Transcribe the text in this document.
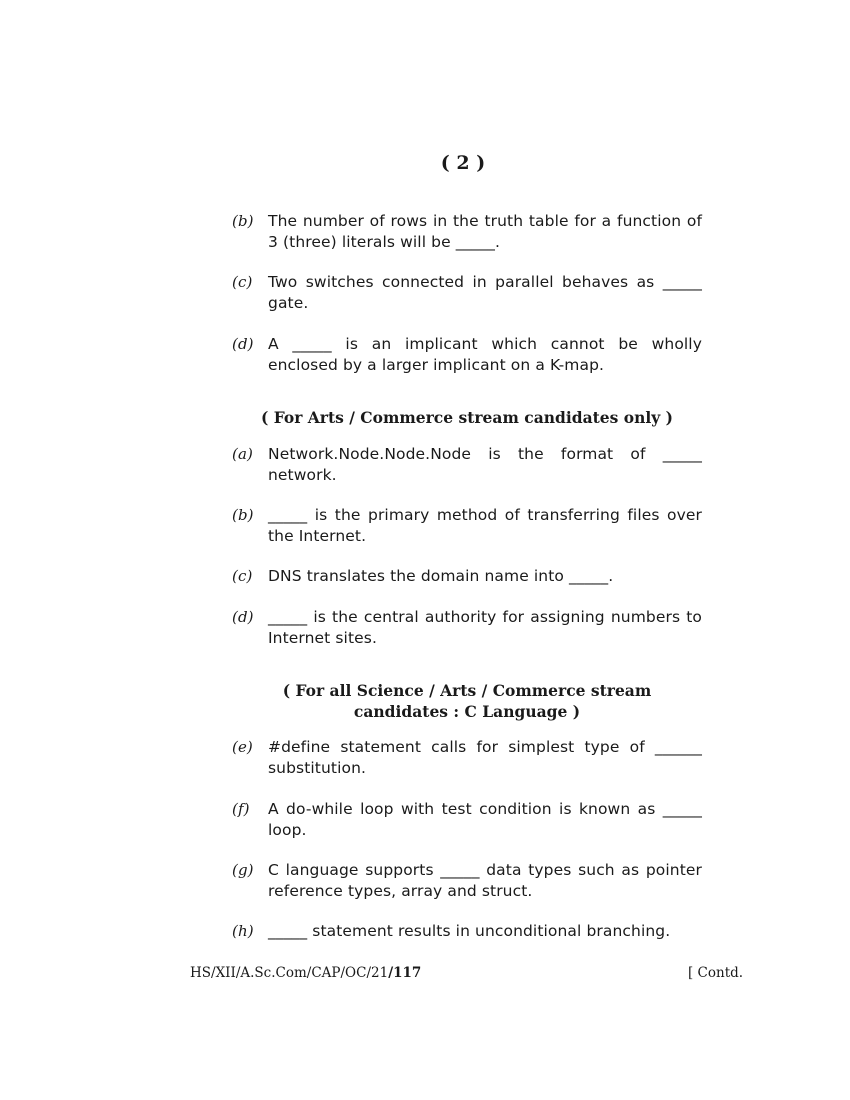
( 2 )
(b) The number of rows in the truth table for a function of 3 (three) literals will be _____.
(c) Two switches connected in parallel behaves as _____ gate.
(d) A _____ is an implicant which cannot be wholly enclosed by a larger implicant on a K-map.
( For Arts / Commerce stream candidates only )
(a) Network.Node.Node.Node is the format of _____ network.
(b) _____ is the primary method of transferring files over the Internet.
(c) DNS translates the domain name into _____.
(d) _____ is the central authority for assigning numbers to Internet sites.
( For all Science / Arts / Commerce stream
candidates : C Language )
(e) #define statement calls for simplest type of ______ substitution.
(f) A do-while loop with test condition is known as _____ loop.
(g) C language supports _____ data types such as pointer reference types, array and struct.
(h) _____ statement results in unconditional branching.
HS/XII/A.Sc.Com/CAP/OC/21/117	[ Contd.
